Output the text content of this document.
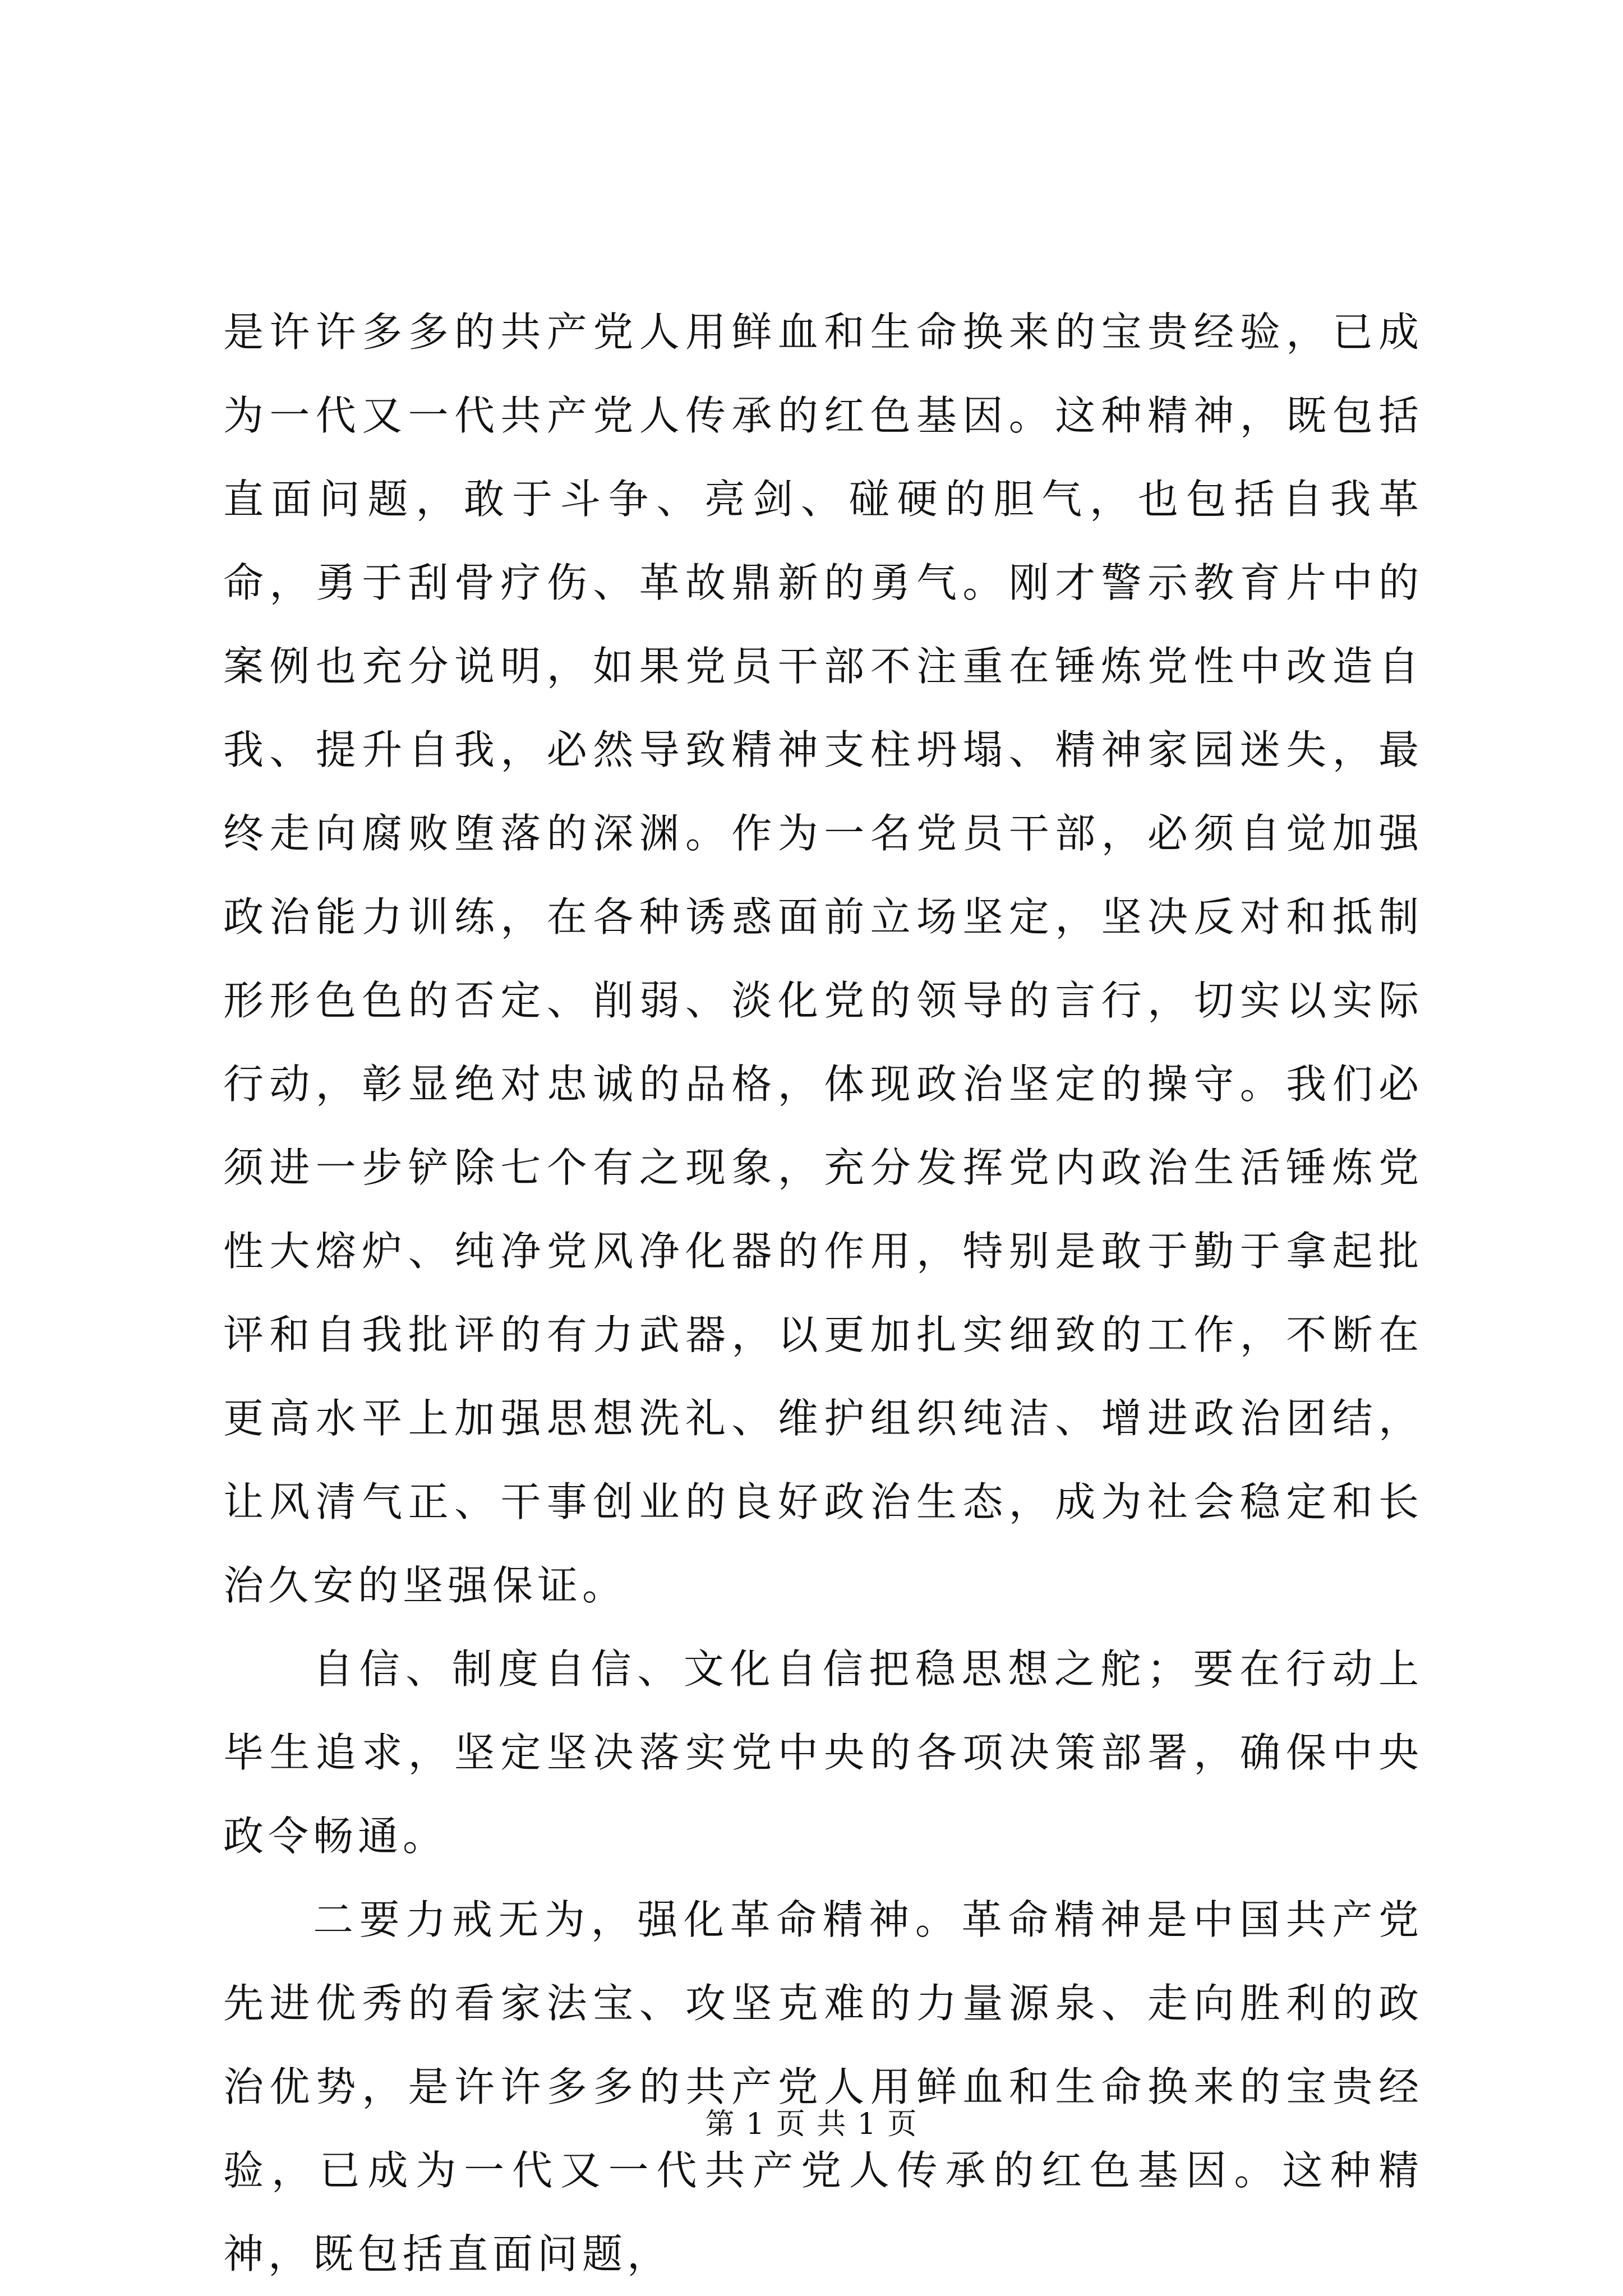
是许许多多的共产党人用鲜血和生命换来的宝贵经验，已成为一代又一代共产党人传承的红色基因。这种精神，既包括直面问题，敢于斗争、亮剑、碰硬的胆气，也包括自我革命，勇于刮骨疗伤、革故鼎新的勇气。刚才警示教育片中的案例也充分说明，如果党员干部不注重在锤炼党性中改造自我、提升自我，必然导致精神支柱坍塌、精神家园迷失，最终走向腐败堕落的深渊。作为一名党员干部，必须自觉加强政治能力训练，在各种诱惑面前立场坚定，坚决反对和抵制形形色色的否定、削弱、淡化党的领导的言行，切实以实际行动，彰显绝对忠诚的品格，体现政治坚定的操守。我们必须进一步铲除七个有之现象，充分发挥党内政治生活锤炼党性大熔炉、纯净党风净化器的作用，特别是敢于勤于拿起批评和自我批评的有力武器，以更加扎实细致的工作，不断在更高水平上加强思想洗礼、维护组织纯洁、增进政治团结，让风清气正、干事创业的良好政治生态，成为社会稳定和长治久安的坚强保证。

自信、制度自信、文化自信把稳思想之舵；要在行动上毕生追求，坚定坚决落实党中央的各项决策部署，确保中央政令畅通。

二要力戒无为，强化革命精神。革命精神是中国共产党先进优秀的看家法宝、攻坚克难的力量源泉、走向胜利的政治优势，是许许多多的共产党人用鲜血和生命换来的宝贵经验，已成为一代又一代共产党人传承的红色基因。这种精神，既包括直面问题，

第 1 页 共 1 页
